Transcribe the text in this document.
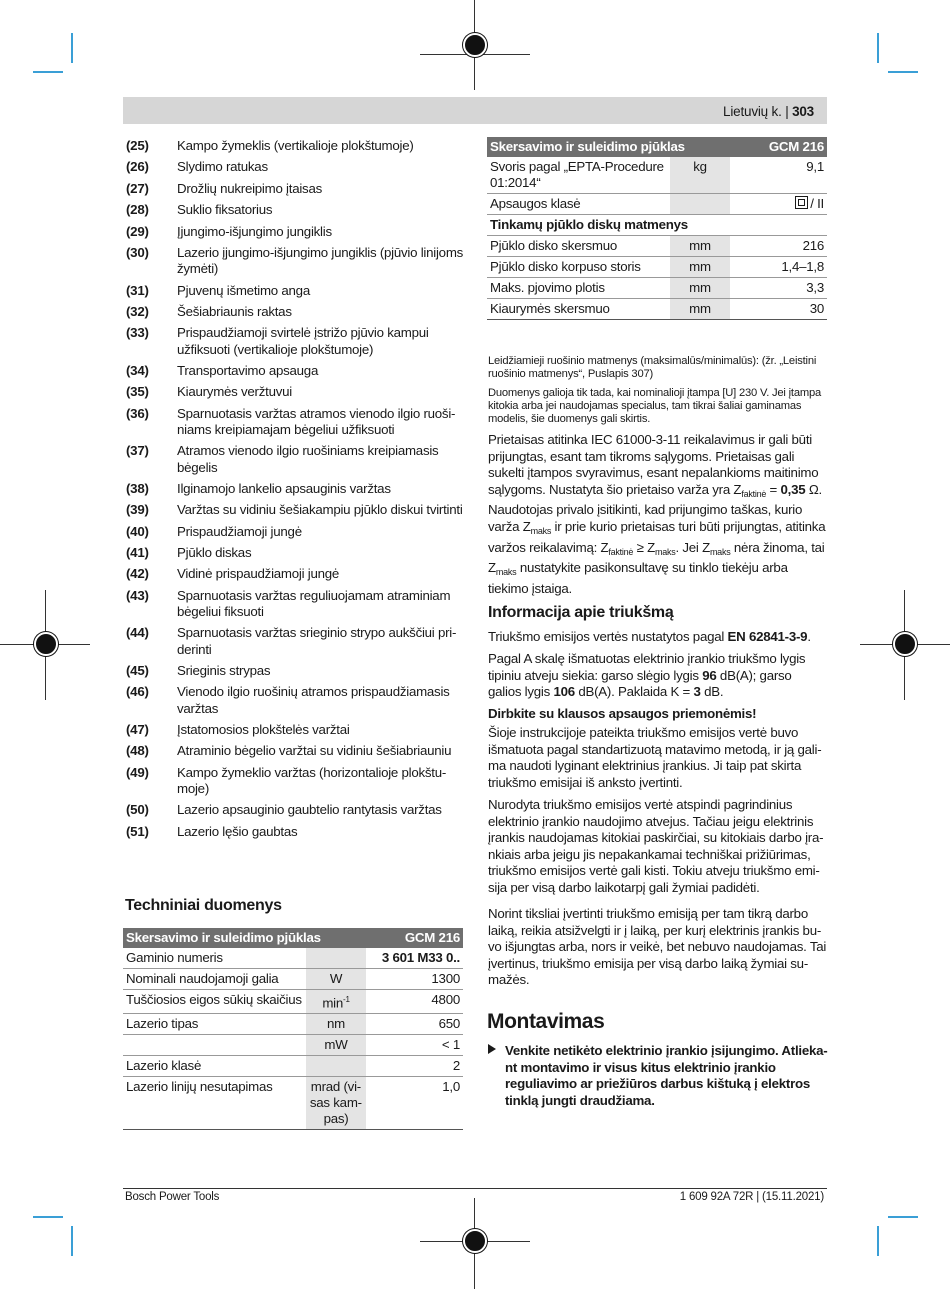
Lietuvių k. | 303
(25)	Kampo žymeklis (vertikalioje plokštumoje)
(26)	Slydimo ratukas
(27)	Drožlių nukreipimo įtaisas
(28)	Suklio fiksatorius
(29)	Įjungimo-išjungimo jungiklis
(30)	Lazerio įjungimo-išjungimo jungiklis (pjūvio linijoms žymėti)
(31)	Pjuvenų išmetimo anga
(32)	Šešiabriaunis raktas
(33)	Prispaudžiamoji svirtelė įstrižo pjūvio kampui užfiksuoti (vertikalioje plokštumoje)
(34)	Transportavimo apsauga
(35)	Kiaurymės veržtuvui
(36)	Sparnuotasis varžtas atramos vienodo ilgio ruošiniams kreipiamajam bėgeliui užfiksuoti
(37)	Atramos vienodo ilgio ruošiniams kreipiamasis bėgelis
(38)	Ilginamojo lankelio apsauginis varžtas
(39)	Varžtas su vidiniu šešiakampiu pjūklo diskui tvirtinti
(40)	Prispaudžiamoji jungė
(41)	Pjūklo diskas
(42)	Vidinė prispaudžiamoji jungė
(43)	Sparnuotasis varžtas reguliuojamam atraminiam bėgeliui fiksuoti
(44)	Sparnuotasis varžtas srieginio strypo aukščiui priderinti
(45)	Srieginis strypas
(46)	Vienodo ilgio ruošinių atramos prispaudžiamasis varžtas
(47)	Įstatomosios plokštelės varžtai
(48)	Atraminio bėgelio varžtai su vidiniu šešiabriauniu
(49)	Kampo žymeklio varžtas (horizontalioje plokštumoje)
(50)	Lazerio apsauginio gaubtelio rantytasis varžtas
(51)	Lazerio lęšio gaubtas
Techniniai duomenys
Skersavimo ir suleidimo pjūklas		GCM 216
Gaminio numeris		3 601 M33 0..
Nominali naudojamoji galia	W	1300
Tuščiosios eigos sūkių skaičius	$\min^{-1}$	4800
Lazerio tipas	nm	650
	mW	< 1
Lazerio klasė		2
Lazerio linijų nesutapimas	mrad (visas kampas)	1,0
Skersavimo ir suleidimo pjūklas		GCM 216
Svoris pagal „EPTA-Procedure 01:2014“	kg	9,1
Apsaugos klasė		/ II
Tinkamų pjūklo diskų matmenys		
Pjūklo disko skersmuo	mm	216
Pjūklo disko korpuso storis	mm	1,4–1,8
Maks. pjovimo plotis	mm	3,3
Kiaurymės skersmuo	mm	30
Leidžiamieji ruošinio matmenys (maksimalūs/minimalūs): (žr. „Leistini ruošinio matmenys“, Puslapis 307)
Duomenys galioja tik tada, kai nominalioji įtampa [U] 230 V. Jei įtampa kitokia arba jei naudojamas specialus, tam tikrai šaliai gaminamas modelis, šie duomenys gali skirtis.
Prietaisas atitinka IEC 61000-3-11 reikalavimus ir gali būti prijungtas, esant tam tikroms sąlygoms. Prietaisas gali sukelti įtampos svyravimus, esant nepalankioms maitinimo sąlygoms. Nustatyta šio prietaiso varža yra $Z_{faktinė} = 0,35$ Ω. Naudotojas privalo įsitikinti, kad prijungimo taškas, kurio varža $Z_{maks}$ ir prie kurio prietaisas turi būti prijungtas, atitinka varžos reikalavimą: $Z_{faktinė} \ge Z_{maks}$. Jei $Z_{maks}$ nėra žinoma, tai $Z_{maks}$ nustatykite pasikonsultavę su tinklo tiekėju arba tiekimo įstaiga.
Informacija apie triukšmą
Triukšmo emisijos vertės nustatytos pagal EN 62841-3-9.
Pagal A skalę išmatuotas elektrinio įrankio triukšmo lygis tipiniu atveju siekia: garso slėgio lygis 96 dB(A); garso galios lygis 106 dB(A). Paklaida K = 3 dB.
Dirbkite su klausos apsaugos priemonėmis!
Šioje instrukcijoje pateikta triukšmo emisijos vertė buvo išmatuota pagal standartizuotą matavimo metodą, ir ją galima naudoti lyginant elektrinius įrankius. Ji taip pat skirta triukšmo emisijai iš anksto įvertinti.
Nurodyta triukšmo emisijos vertė atspindi pagrindinius elektrinio įrankio naudojimo atvejus. Tačiau jeigu elektrinis įrankis naudojamas kitokiai paskirčiai, su kitokiais darbo įrankiais arba jeigu jis nepakankamai techniškai prižiūrimas, triukšmo emisijos vertė gali kisti. Tokiu atveju triukšmo emisija per visą darbo laikotarpį gali žymiai padidėti.
Norint tiksliai įvertinti triukšmo emisiją per tam tikrą darbo laiką, reikia atsižvelgti ir į laiką, per kurį elektrinis įrankis buvo išjungtas arba, nors ir veikė, bet nebuvo naudojamas. Tai įvertinus, triukšmo emisija per visą darbo laiką žymiai sumažės.
Montavimas
Venkite netikėto elektrinio įrankio įsijungimo. Atliekant montavimo ir visus kitus elektrinio įrankio reguliavimo ar priežiūros darbus kištuką į elektros tinklą jungti draudžiama.
Bosch Power Tools	1 609 92A 72R | (15.11.2021)
